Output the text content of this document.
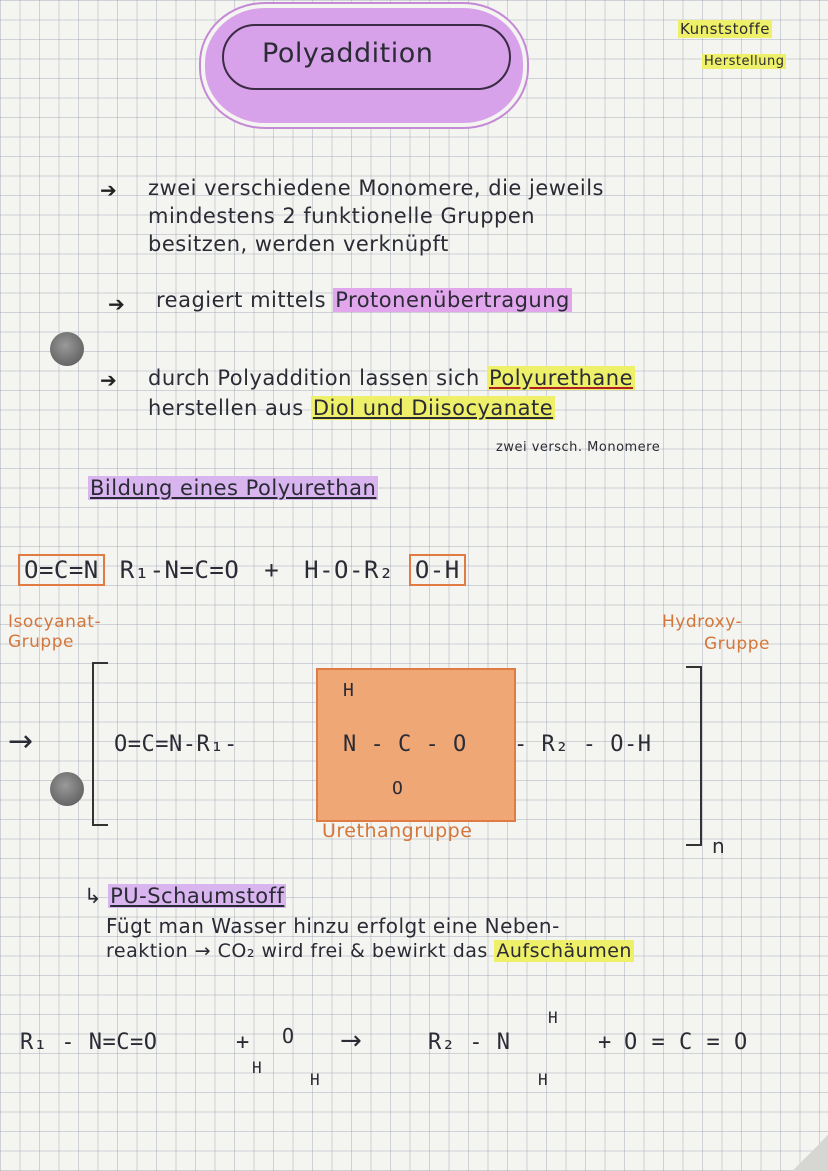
Polyaddition
Kunststoffe
Herstellung
➔ zwei verschiedene Monomere, die jeweils
mindestens 2 funktionelle Gruppen
besitzen, werden verknüpft
➔ reagiert mittels Protonenübertragung
➔ durch Polyaddition lassen sich Polyurethane
herstellen aus Diol und Diisocyanate
zwei versch. Monomere
Bildung eines Polyurethan
O=C=N R₁-N=C=O + H-O-R₂ O-H
Isocyanat-
Gruppe
Hydroxy-
Gruppe
→	O=C=N-R₁-
H
N - C - O
O
- R₂ - O-H
Urethangruppe
n
↳ PU-Schaumstoff
Fügt man Wasser hinzu erfolgt eine Neben-
reaktion → CO₂ wird frei & bewirkt das Aufschäumen
R₁ - N=C=O	+ O
H
H
→	R₂ - N
H
H
+ O = C = O
